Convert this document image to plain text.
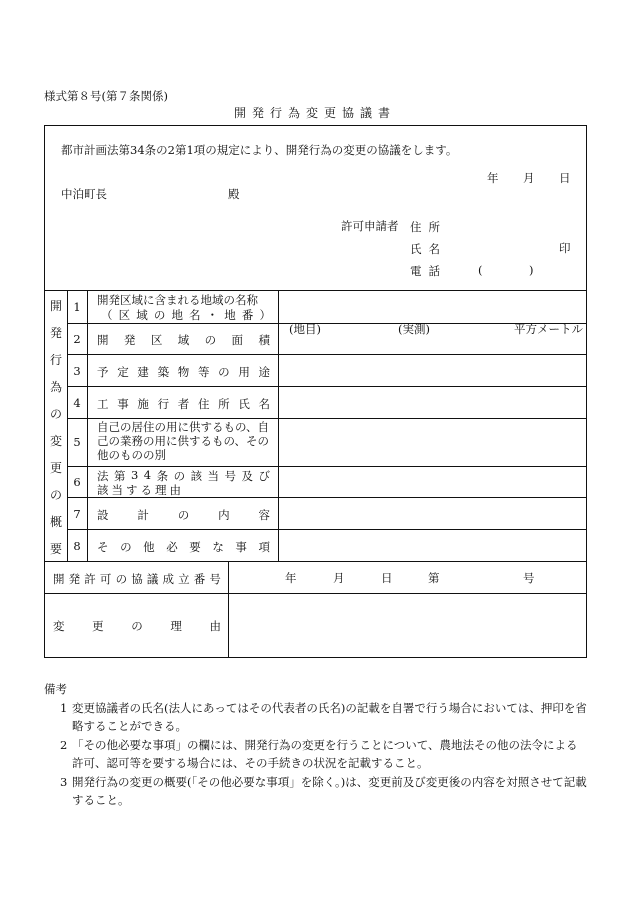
様式第８号(第７条関係)
開発行為変更協議書
都市計画法第34条の2第1項の規定により、開発行為の変更の協議をします。
年 月 日
中泊町長	殿
許可申請者 住 所
氏 名	印
電 話	(	)
開
発
行
為
の
変
更
の
概
要
1	開発区域に含まれる地域の名称
（ 区 域 の 地 名 ・ 地 番 ）
2	開 発 区 域 の 面 積
(地目)	(実測)	平方メートル
3	予 定 建 築 物 等 の 用 途
4	工 事 施 行 者 住 所 氏 名
5
自己の居住の用に供するもの、自
己の業務の用に供するもの、その
他のものの別
6	法 第 3 4 条 の 該 当 号 及 び
該 当 す る 理 由
7	設	計	の	内	容
8	そ の 他 必 要 な 事 項
開 発 許 可 の 協 議 成 立 番 号	年	月	日	第	号
変 更 の 理 由
備考
1 変更協議者の氏名(法人にあってはその代表者の氏名)の記載を自署で行う場合においては、押印を省略することができる。
2 「その他必要な事項」の欄には、開発行為の変更を行うことについて、農地法その他の法令による許可、認可等を要する場合には、その手続きの状況を記載すること。
3 開発行為の変更の概要(「その他必要な事項」を除く。)は、変更前及び変更後の内容を対照させて記載すること。
